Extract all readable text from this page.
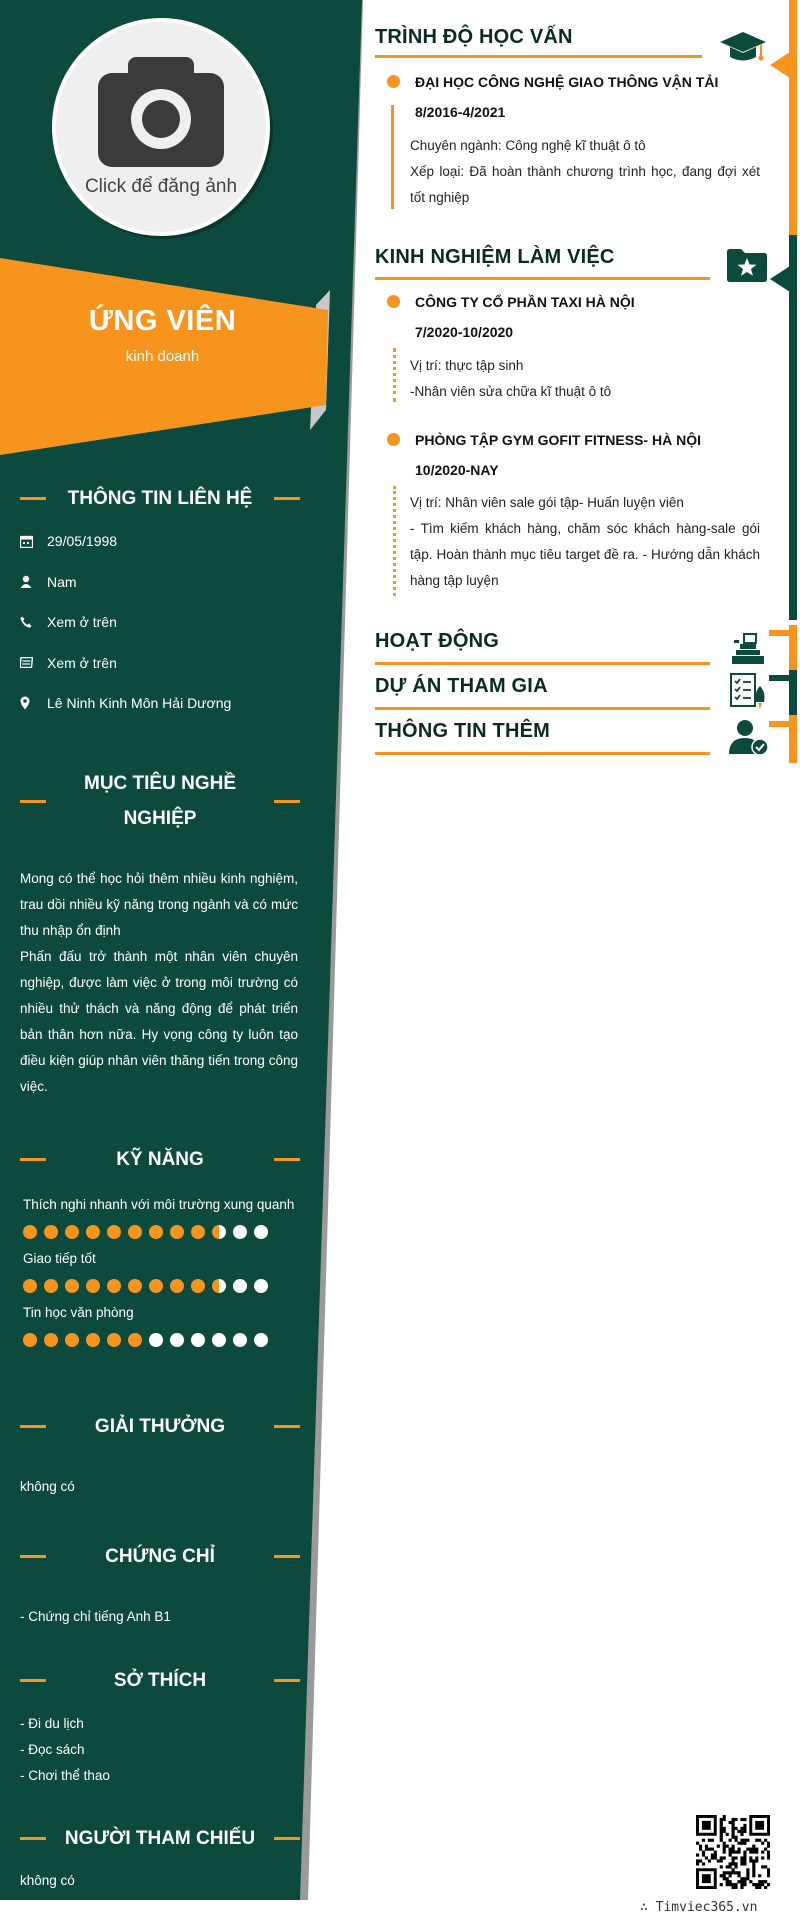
Click để đăng ảnh
ỨNG VIÊN
kinh doanh
THÔNG TIN LIÊN HỆ
29/05/1998
Nam
Xem ở trên
Xem ở trên
Lê Ninh Kinh Môn Hải Dương
MỤC TIÊU NGHỀ
NGHIỆP
Mong có thể học hỏi thêm nhiều kinh nghiệm, trau dồi nhiều kỹ năng trong ngành và có mức thu nhập ổn định
Phấn đấu trở thành một nhân viên chuyên nghiệp, được làm việc ở trong môi trường có nhiều thử thách và năng động để phát triển bản thân hơn nữa. Hy vọng công ty luôn tạo điều kiện giúp nhân viên thăng tiến trong công việc.
KỸ NĂNG
Thích nghi nhanh với môi trường xung quanh
Giao tiếp tốt
Tin học văn phòng
GIẢI THƯỞNG
không có
CHỨNG CHỈ
- Chứng chỉ tiếng Anh B1
SỞ THÍCH
- Đi du lịch
- Đọc sách
- Chơi thể thao
NGƯỜI THAM CHIẾU
không có
TRÌNH ĐỘ HỌC VẤN
ĐẠI HỌC CÔNG NGHỆ GIAO THÔNG VẬN TẢI
8/2016-4/2021
Chuyên ngành: Công nghệ kĩ thuật ô tô
Xếp loại: Đã hoàn thành chương trình học, đang đợi xét tốt nghiệp
KINH NGHIỆM LÀM VIỆC
CÔNG TY CỔ PHẦN TAXI HÀ NỘI
7/2020-10/2020
Vị trí: thực tập sinh
-Nhân viên sửa chữa kĩ thuật ô tô
PHÒNG TẬP GYM GOFIT FITNESS- HÀ NỘI
10/2020-NAY
Vị trí: Nhân viên sale gói tập- Huấn luyện viên
- Tìm kiếm khách hàng, chăm sóc khách hàng-sale gói tập. Hoàn thành mục tiêu target đề ra. - Hướng dẫn khách hàng tập luyện
HOẠT ĐỘNG
DỰ ÁN THAM GIA
THÔNG TIN THÊM
∴ Timviec365.vn
